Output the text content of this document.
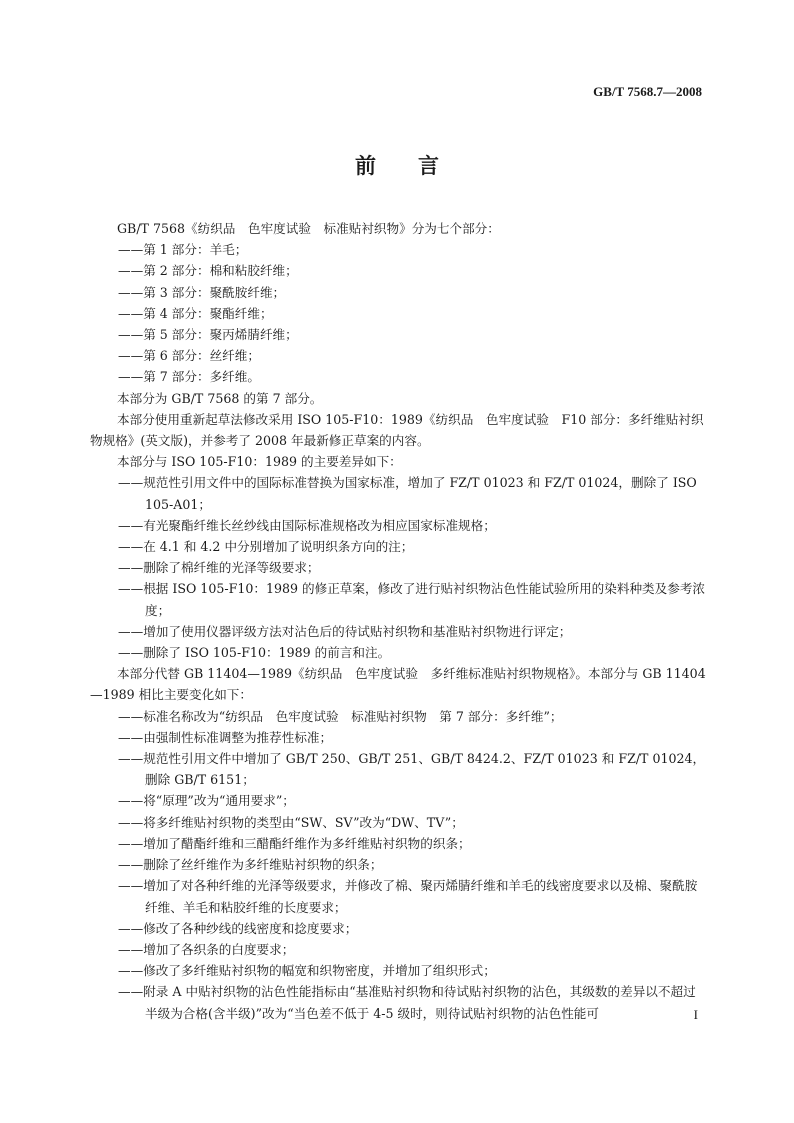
GB/T 7568.7—2008
前言

GB/T 7568《纺织品　色牢度试验　标准贴衬织物》分为七个部分：

——第 1 部分：羊毛；

——第 2 部分：棉和粘胶纤维；

——第 3 部分：聚酰胺纤维；

——第 4 部分：聚酯纤维；

——第 5 部分：聚丙烯腈纤维；

——第 6 部分：丝纤维；

——第 7 部分：多纤维。

本部分为 GB/T 7568 的第 7 部分。

本部分使用重新起草法修改采用 ISO 105-F10：1989《纺织品　色牢度试验　F10 部分：多纤维贴衬织物规格》(英文版)，并参考了 2008 年最新修正草案的内容。

本部分与 ISO 105-F10：1989 的主要差异如下：

——规范性引用文件中的国际标准替换为国家标准，增加了 FZ/T 01023 和 FZ/T 01024，删除了 ISO 105-A01；

——有光聚酯纤维长丝纱线由国际标准规格改为相应国家标准规格；

——在 4.1 和 4.2 中分别增加了说明织条方向的注；

——删除了棉纤维的光泽等级要求；

——根据 ISO 105-F10：1989 的修正草案，修改了进行贴衬织物沾色性能试验所用的染料种类及参考浓度；

——增加了使用仪器评级方法对沾色后的待试贴衬织物和基准贴衬织物进行评定；

——删除了 ISO 105-F10：1989 的前言和注。

本部分代替 GB 11404—1989《纺织品　色牢度试验　多纤维标准贴衬织物规格》。本部分与 GB 11404—1989 相比主要变化如下：

——标准名称改为“纺织品　色牢度试验　标准贴衬织物　第 7 部分：多纤维”；

——由强制性标准调整为推荐性标准；

——规范性引用文件中增加了 GB/T 250、GB/T 251、GB/T 8424.2、FZ/T 01023 和 FZ/T 01024，删除 GB/T 6151；

——将“原理”改为“通用要求”；

——将多纤维贴衬织物的类型由“SW、SV”改为“DW、TV”；

——增加了醋酯纤维和三醋酯纤维作为多纤维贴衬织物的织条；

——删除了丝纤维作为多纤维贴衬织物的织条；

——增加了对各种纤维的光泽等级要求，并修改了棉、聚丙烯腈纤维和羊毛的线密度要求以及棉、聚酰胺纤维、羊毛和粘胶纤维的长度要求；

——修改了各种纱线的线密度和捻度要求；

——增加了各织条的白度要求；

——修改了多纤维贴衬织物的幅宽和织物密度，并增加了组织形式；

——附录 A 中贴衬织物的沾色性能指标由“基准贴衬织物和待试贴衬织物的沾色，其级数的差异以不超过半级为合格(含半级)”改为“当色差不低于 4-5 级时，则待试贴衬织物的沾色性能可	I
